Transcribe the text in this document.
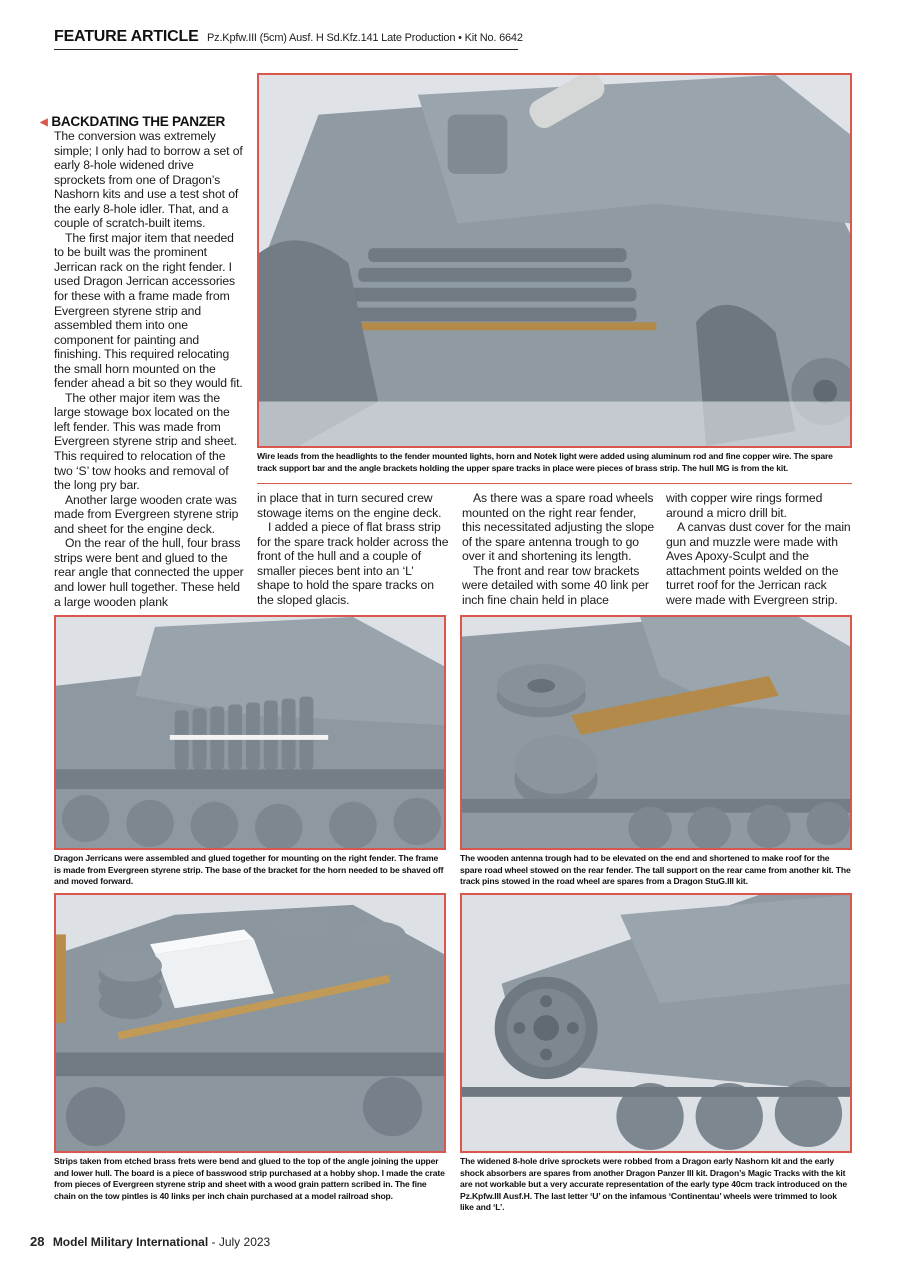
FEATURE ARTICLE Pz.Kpfw.III (5cm) Ausf. H Sd.Kfz.141 Late Production • Kit No. 6642
Wire leads from the headlights to the fender mounted lights, horn and Notek light were added using aluminum rod and fine copper wire. The spare track support bar and the angle brackets holding the upper spare tracks in place were pieces of brass strip. The hull MG is from the kit.
◀ BACKDATING THE PANZER

The conversion was extremely simple; I only had to borrow a set of early 8-hole widened drive sprockets from one of Dragon’s Nashorn kits and use a test shot of the early 8-hole idler. That, and a couple of scratch-built items.

The first major item that needed to be built was the prominent Jerrican rack on the right fender. I used Dragon Jerrican accessories for these with a frame made from Evergreen styrene strip and assembled them into one component for painting and finishing. This required relocating the small horn mounted on the fender ahead a bit so they would fit.

The other major item was the large stowage box located on the left fender. This was made from Evergreen styrene strip and sheet. This required to relocation of the two ‘S’ tow hooks and removal of the long pry bar.

Another large wooden crate was made from Evergreen styrene strip and sheet for the engine deck.

On the rear of the hull, four brass strips were bent and glued to the rear angle that connected the upper and lower hull together. These held a large wooden plank

in place that in turn secured crew stowage items on the engine deck.

I added a piece of flat brass strip for the spare track holder across the front of the hull and a couple of smaller pieces bent into an ‘L’ shape to hold the spare tracks on the sloped glacis.

As there was a spare road wheels mounted on the right rear fender, this necessitated adjusting the slope of the spare antenna trough to go over it and shortening its length.

The front and rear tow brackets were detailed with some 40 link per inch fine chain held in place

with copper wire rings formed around a micro drill bit.

A canvas dust cover for the main gun and muzzle were made with Aves Apoxy-Sculpt and the attachment points welded on the turret roof for the Jerrican rack were made with Evergreen strip.

Dragon Jerricans were assembled and glued together for mounting on the right fender. The frame is made from Evergreen styrene strip. The base of the bracket for the horn needed to be shaved off and moved forward.
The wooden antenna trough had to be elevated on the end and shortened to make roof for the spare road wheel stowed on the rear fender. The tall support on the rear came from another kit. The track pins stowed in the road wheel are spares from a Dragon StuG.III kit.
Strips taken from etched brass frets were bend and glued to the top of the angle joining the upper and lower hull. The board is a piece of basswood strip purchased at a hobby shop. I made the crate from pieces of Evergreen styrene strip and sheet with a wood grain pattern scribed in. The fine chain on the tow pintles is 40 links per inch chain purchased at a model railroad shop.
The widened 8-hole drive sprockets were robbed from a Dragon early Nashorn kit and the early shock absorbers are spares from another Dragon Panzer III kit. Dragon’s Magic Tracks with the kit are not workable but a very accurate representation of the early type 40cm track introduced on the Pz.Kpfw.III Ausf.H. The last letter ‘U’ on the infamous ‘Continentau’ wheels were trimmed to look like and ‘L’.
28 Model Military International - July 2023
